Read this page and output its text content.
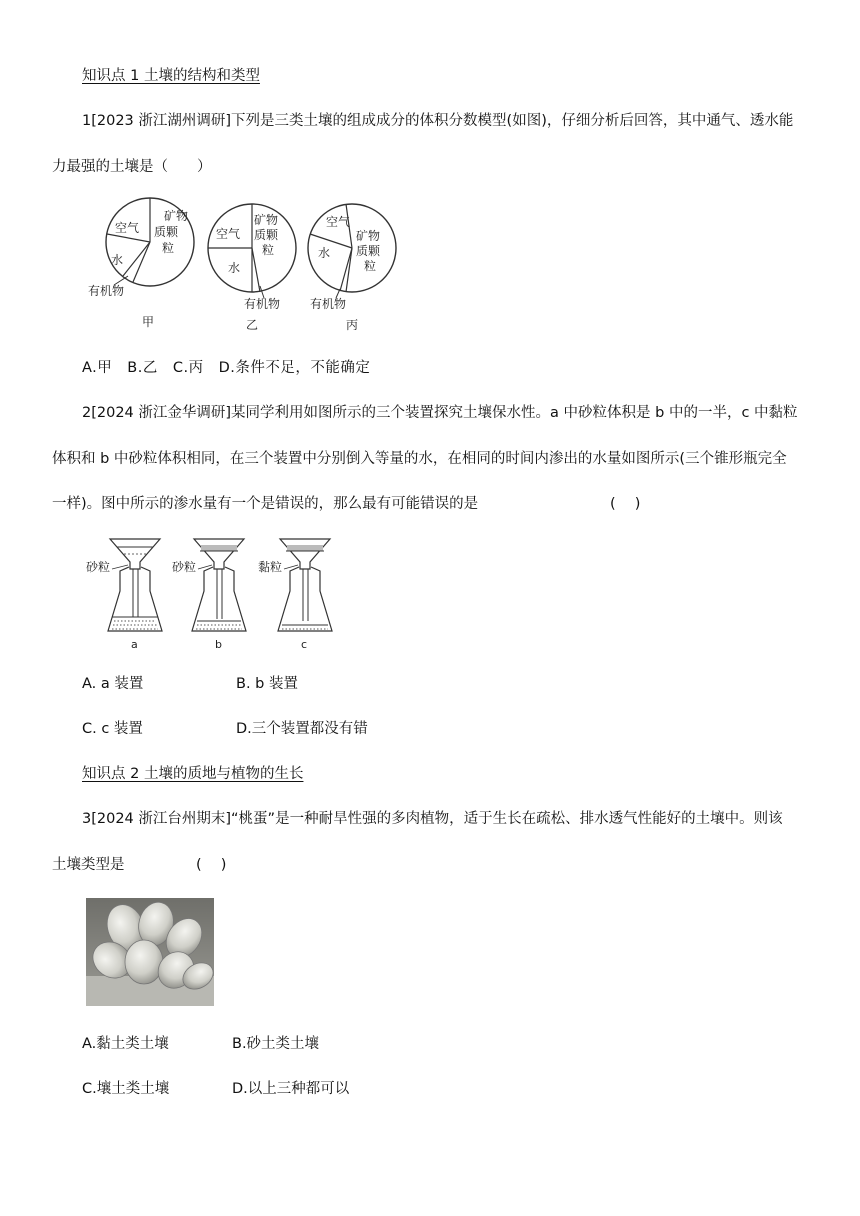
知识点 1 土壤的结构和类型
1[2023 浙江湖州调研]下列是三类土壤的组成成分的体积分数模型(如图)，仔细分析后回答，其中通气、透水能
力最强的土壤是（　　）
空气
矿物
质颗
粒
水
有机物
甲
空气
矿物
质颗
粒
水
有机物
乙
空气
矿物
质颗
粒
水
有机物
丙
A.甲　B.乙　C.丙　D.条件不足，不能确定
2[2024 浙江金华调研]某同学利用如图所示的三个装置探究土壤保水性。a 中砂粒体积是 b 中的一半，c 中黏粒
体积和 b 中砂粒体积相同，在三个装置中分别倒入等量的水，在相同的时间内渗出的水量如图所示(三个锥形瓶完全
一样)。图中所示的渗水量有一个是错误的，那么最有可能错误的是	(　 )
砂粒
a
砂粒
b
黏粒
c
A. a 装置	B. b 装置
C. c 装置	D.三个装置都没有错
知识点 2 土壤的质地与植物的生长
3[2024 浙江台州期末]“桃蛋”是一种耐旱性强的多肉植物，适于生长在疏松、排水透气性能好的土壤中。则该
土壤类型是	(　 )
A.黏土类土壤	B.砂土类土壤
C.壤土类土壤	D.以上三种都可以
